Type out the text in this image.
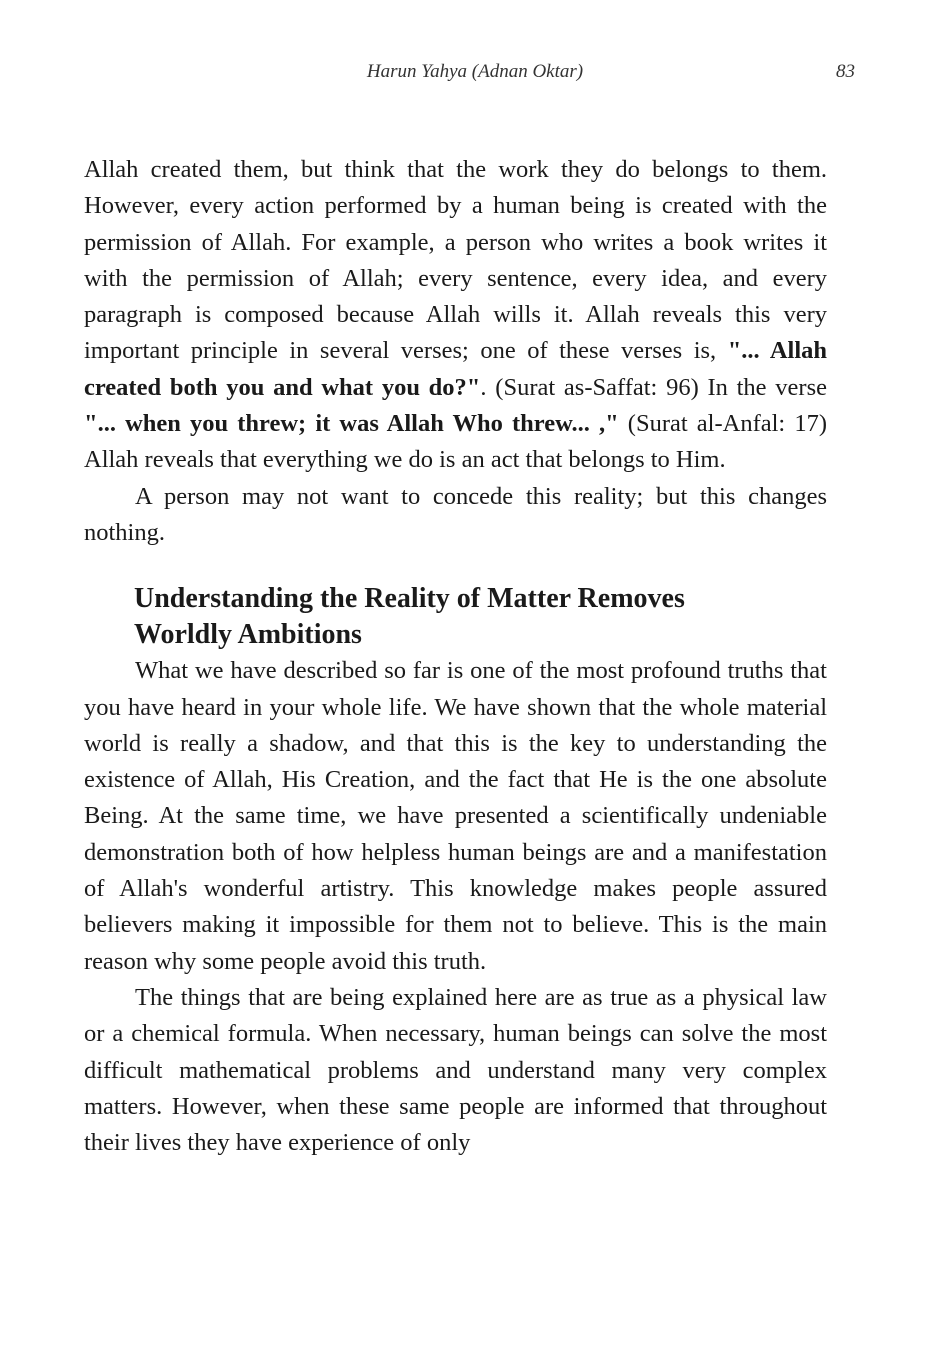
Harun Yahya (Adnan Oktar)	83

Allah created them, but think that the work they do belongs to them. However, every action performed by a human being is created with the permission of Allah. For example, a person who writes a book writes it with the permission of Allah; every sentence, every idea, and every paragraph is composed because Allah wills it. Allah reveals this very important principle in several verses; one of these verses is, "... Allah created both you and what you do?". (Surat as-Saffat: 96) In the verse "... when you threw; it was Allah Who threw... ," (Surat al-Anfal: 17) Allah reveals that everything we do is an act that belongs to Him.

A person may not want to concede this reality; but this changes nothing.

Understanding the Reality of Matter Removes Worldly Ambitions

What we have described so far is one of the most profound truths that you have heard in your whole life. We have shown that the whole material world is really a shadow, and that this is the key to understanding the existence of Allah, His Creation, and the fact that He is the one absolute Being. At the same time, we have presented a scientifically undeniable demonstration both of how helpless human beings are and a manifestation of Allah's wonderful artistry. This knowledge makes people assured believers making it impossible for them not to believe. This is the main reason why some people avoid this truth.

The things that are being explained here are as true as a physical law or a chemical formula. When necessary, human beings can solve the most difficult mathematical problems and understand many very complex matters. However, when these same people are informed that throughout their lives they have experience of only
